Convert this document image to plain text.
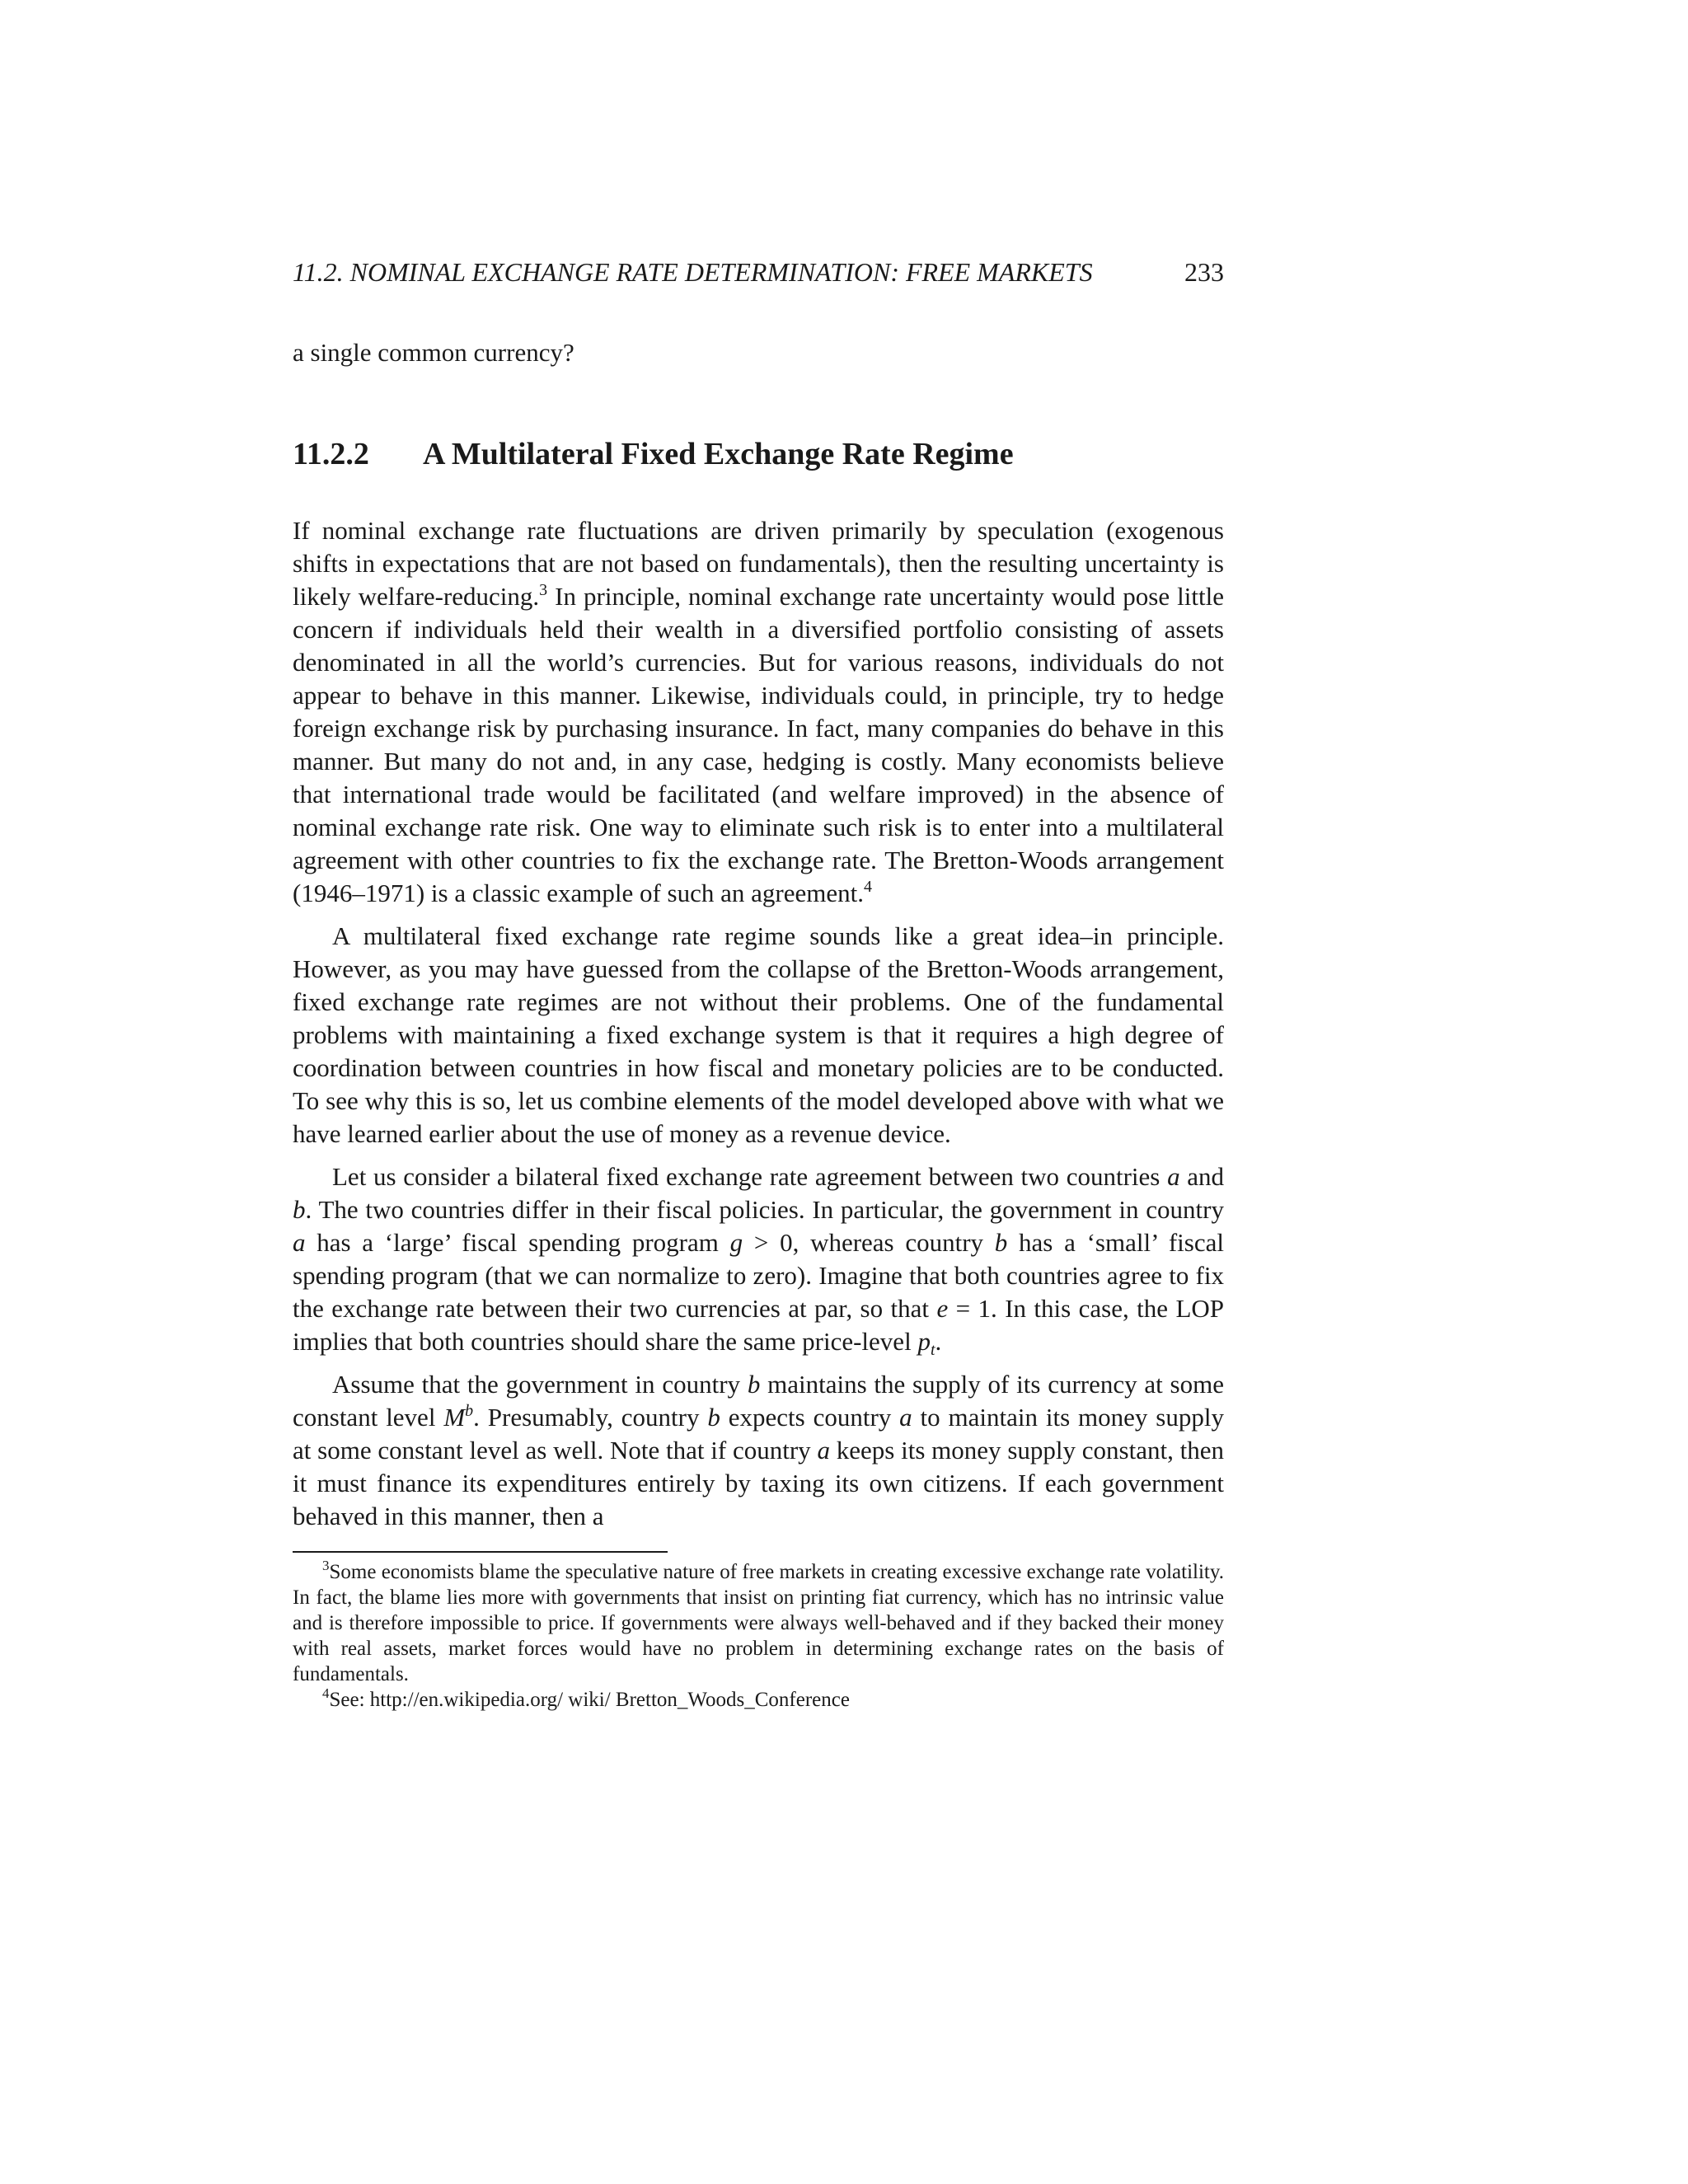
11.2. NOMINAL EXCHANGE RATE DETERMINATION: FREE MARKETS	233

a single common currency?

11.2.2 A Multilateral Fixed Exchange Rate Regime

If nominal exchange rate fluctuations are driven primarily by speculation (exogenous shifts in expectations that are not based on fundamentals), then the resulting uncertainty is likely welfare-reducing.$^3$ In principle, nominal exchange rate uncertainty would pose little concern if individuals held their wealth in a diversified portfolio consisting of assets denominated in all the world’s currencies. But for various reasons, individuals do not appear to behave in this manner. Likewise, individuals could, in principle, try to hedge foreign exchange risk by purchasing insurance. In fact, many companies do behave in this manner. But many do not and, in any case, hedging is costly. Many economists believe that international trade would be facilitated (and welfare improved) in the absence of nominal exchange rate risk. One way to eliminate such risk is to enter into a multilateral agreement with other countries to fix the exchange rate. The Bretton-Woods arrangement (1946–1971) is a classic example of such an agreement.$^4$

A multilateral fixed exchange rate regime sounds like a great idea–in principle. However, as you may have guessed from the collapse of the Bretton-Woods arrangement, fixed exchange rate regimes are not without their problems. One of the fundamental problems with maintaining a fixed exchange system is that it requires a high degree of coordination between countries in how fiscal and monetary policies are to be conducted. To see why this is so, let us combine elements of the model developed above with what we have learned earlier about the use of money as a revenue device.

Let us consider a bilateral fixed exchange rate agreement between two countries a and b. The two countries differ in their fiscal policies. In particular, the government in country a has a ‘large’ fiscal spending program g > 0, whereas country b has a ‘small’ fiscal spending program (that we can normalize to zero). Imagine that both countries agree to fix the exchange rate between their two currencies at par, so that e = 1. In this case, the LOP implies that both countries should share the same price-level $p_t$.

Assume that the government in country b maintains the supply of its currency at some constant level $M^b$. Presumably, country b expects country a to maintain its money supply at some constant level as well. Note that if country a keeps its money supply constant, then it must finance its expenditures entirely by taxing its own citizens. If each government behaved in this manner, then a

$^3$Some economists blame the speculative nature of free markets in creating excessive exchange rate volatility. In fact, the blame lies more with governments that insist on printing fiat currency, which has no intrinsic value and is therefore impossible to price. If governments were always well-behaved and if they backed their money with real assets, market forces would have no problem in determining exchange rates on the basis of fundamentals.

$^4$See: http://en.wikipedia.org/ wiki/ Bretton_Woods_Conference
